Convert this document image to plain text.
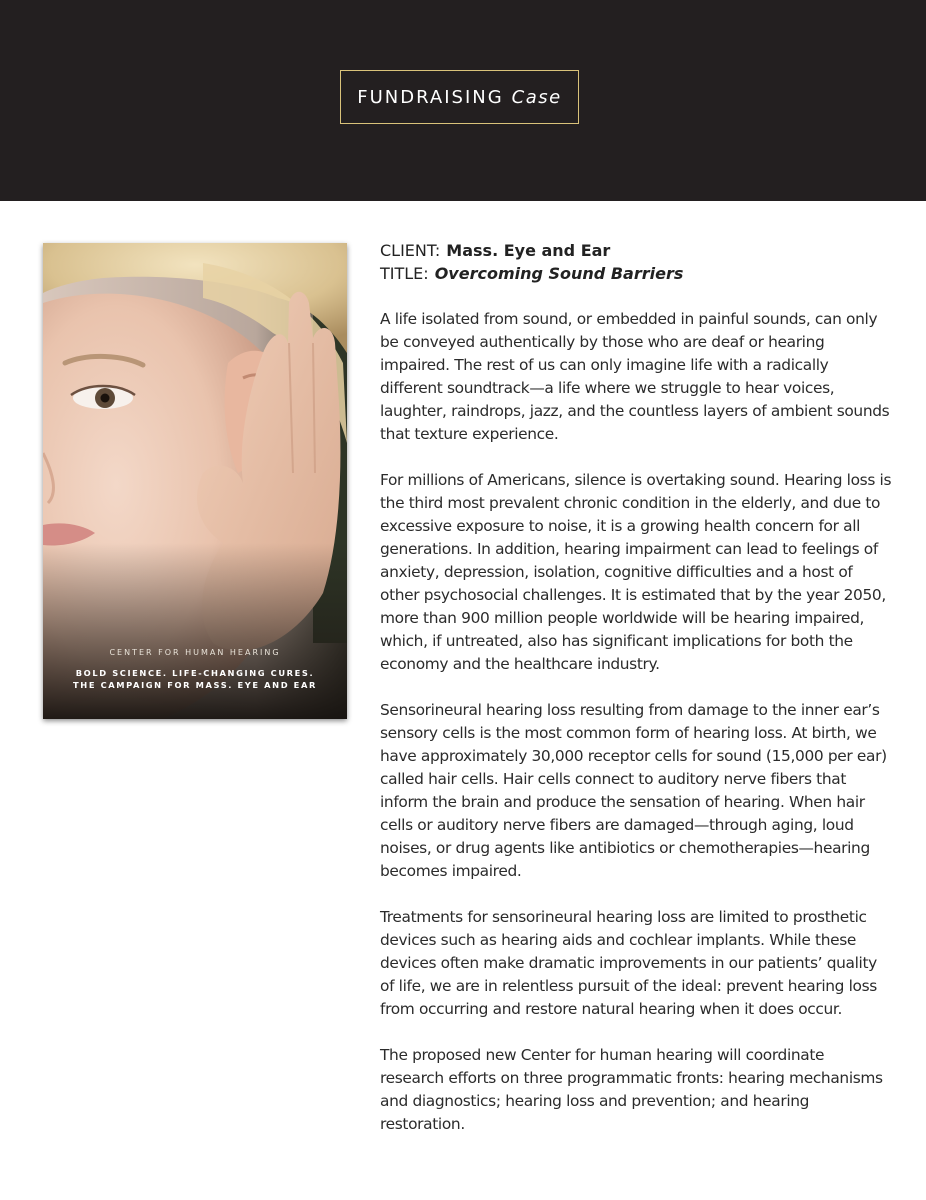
FUNDRAISING Case
CENTER FOR HUMAN HEARING
BOLD SCIENCE. LIFE-CHANGING CURES.
THE CAMPAIGN FOR MASS. EYE AND EAR
CLIENT: Mass. Eye and Ear
TITLE: Overcoming Sound Barriers

A life isolated from sound, or embedded in painful sounds, can only be conveyed authentically by those who are deaf or hearing impaired. The rest of us can only imagine life with a radically different soundtrack—a life where we struggle to hear voices, laughter, raindrops, jazz, and the countless layers of ambient sounds that texture experience.

For millions of Americans, silence is overtaking sound. Hearing loss is the third most prevalent chronic condition in the elderly, and due to excessive exposure to noise, it is a growing health concern for all generations. In addition, hearing impairment can lead to feelings of anxiety, depression, isolation, cognitive difficulties and a host of other psychosocial challenges. It is estimated that by the year 2050, more than 900 million people worldwide will be hearing impaired, which, if untreated, also has significant implications for both the economy and the healthcare industry.

Sensorineural hearing loss resulting from damage to the inner ear’s sensory cells is the most common form of hearing loss. At birth, we have approximately 30,000 receptor cells for sound (15,000 per ear) called hair cells. Hair cells connect to auditory nerve fibers that inform the brain and produce the sensation of hearing. When hair cells or auditory nerve fibers are damaged—through aging, loud noises, or drug agents like antibiotics or chemotherapies—hearing becomes impaired.

Treatments for sensorineural hearing loss are limited to prosthetic devices such as hearing aids and cochlear implants. While these devices often make dramatic improvements in our patients’ quality of life, we are in relentless pursuit of the ideal: prevent hearing loss from occurring and restore natural hearing when it does occur.

The proposed new Center for human hearing will coordinate research efforts on three programmatic fronts: hearing mechanisms and diagnostics; hearing loss and prevention; and hearing restoration.
